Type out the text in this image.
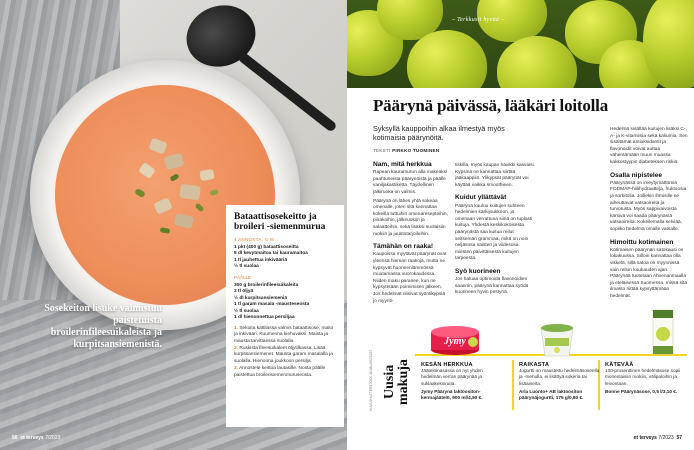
Bataattisosekeitto ja broileri -siemenmurua
4 ANNOSTA, G M
1 pkt (400 g) bataattisoseitta
5 dl kevytmaitoa tai kauramaitoa
1 tl jauhettua inkivääriä
½ tl suolaa
PÄÄLLE
300 g broilerinfileesuikaleita
2 tl öljyä
½ dl kurpitsansiemeniä
1 tl garam masala -mausteseosta
½ tl suolaa
1 dl hienonnettua persiljaa

1. Sekoita kattilassa valmis bataattisose, maito ja inkivääri. Kuumenna kiehuvaksi. Maista ja mausta tarvittaessa suolalla.

2. Ruskista fileesuikaleet öljytilkassa. Lisää kurpitsansiemenet. Mausta garam masalalla ja suolalla. Hienonna joukkoon persilja.

3. Annostele keittoa lautasille. Nosta päälle paistettua broilerisiemenmuruseosta.

Sosekeiton lisuke valmistuu paistetuista broilerinfileesuikaleista ja kurpitsansiemenistä.
56 et terveys 7/2023
– Terkkusti hyvää –
Päärynä päivässä, lääkäri loitolla
Syksyllä kauppoihin alkaa ilmestyä myös kotimaisia päärynöitä.
TEKSTI PIRKKO TUOMINEN
Nam, mitä herkkua

Rapean kauramurun alla makeaksi paahtuneista päärynöistä ja päälle vaniljakastiketta. Täydellinen jälkiruoka on valmis.

Päärynä on lähes yhtä sokeaa omenalle, joten sitä kannattaa kokeilla tuttuihin omenaresepteihin, piirakoihin, jälkiruokiin ja salaatteihin, sekä lisäksi suolaisiin ruokiin ja juustotarjoiluihin.

Tämähän on raaka!

Kaupoissa myytävät päärynät ovat yleensä hieman raakoja, mutta ne kypsyvät huoneenlämmössä muutamassa vuorokaudessa. Niiden maku paranee, kun ne kypsytetään poimimisen jälkeen. Jos hedelmät olisivat syöntikypsiä jo myynti-

tiskillä, myös kaupan hävikki kasvaisi. Kypsinä ne kannattaa siirtää jääkaappiin. Ylikypsät päärynät voi käyttää vaikka smoothieen.

Kuidut yllättävät

Päärynä kuuluu kuitujen suhteen hedelmien kärkijoukkoon, ja omenaan verrattuna siinä on tuplasti kuituja. Yhdestä keskikokoisesta päärynästä saa kuitua reilut seitsemän grammaa, mikä on noin neljäsosa naisten ja viidesosa miesten päivittäisestä kuitujen tarpeesta.

Syö kuorineen

Jos haluaa optimoida flavonoidien saannin, päärynä kannattaa syödä kuorineen hyvin pestynä.

Hedelmä sisältää kuitujen lisäksi C-, A- ja K-vitamiinia sekä kaliumia. Sen sisältämät antioksidantit ja flavonoidit voivat auttaa vähentämään muun muassa kakkostyypin diabeteksen riskiä.

Osalla nipistelee

Päärynässä on imeytymättömiä FODMAP-hiilihydraatteja, fruktoosia ja sorbitolia. Joillekin ihmisille ne aiheuttavat vatsaoireita ja turvotusta. Myös sappivaivoista kärsivä voi saada päärynästä vatsaoireita. Kokeilemalla selviää, sopiiko hedelmä omalle vatsalle.

Himoittu kotimainen

Kotimaisen päärynän satokausi on lokakuussa. Silloin kannattaa olla vikkelä, sillä satoa on myynnissä vain reilun kuukauden ajan. Päärynää tuotetaan Ahvenanmaalla ja eteläisessä Suomessa, missä sitä ilmasto riittää kypsyttämään hedelmät.

KUVA SHUTTERSTOCK JA VALMISTAJAT Uusia makuja
Jymy
KESÄN HERKKUA

Jäätelöinasassa on nyt yhden hedelmän verran päärynää ja suklaakeksiruita.

Jymy Päärynä laktoositon-kermajäätelö, 900 ml/4,50 €.

RAIKASTA

Jogurtti on maustettu hedelmäsoseella ja -mehulla, ei lisättyä sokeria tai lisäaineita.

Arla Luonto+ AB laktoositon päärynäjogurtti, 175 g/0,80 €.

KÄTEVÄÄ

100-prosenttinen hedelmäsose sopii monenlaisiin ruokiin, välipaloihin ja leivontaan.

Bonne Päärynäsose, 0,5 l/3,10 €.

et terveys 7/2023 57
